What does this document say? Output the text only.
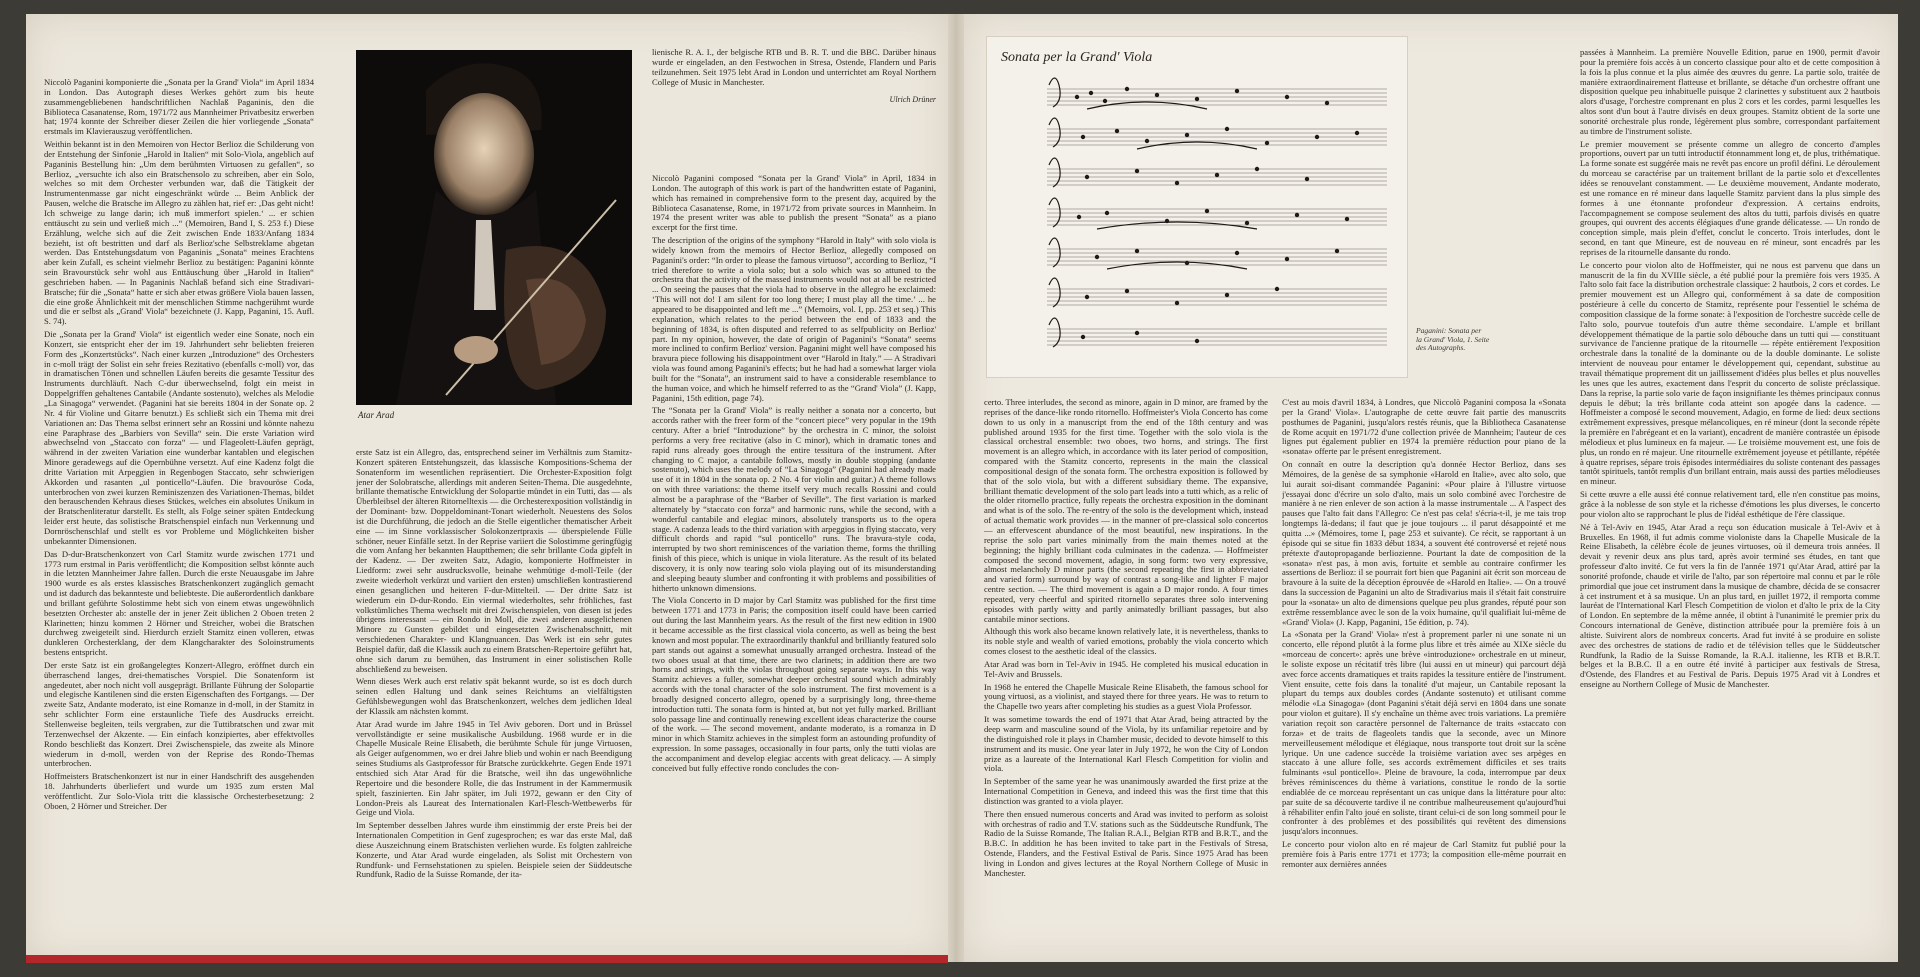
Niccolò Paganini komponierte die „Sonata per la Grand' Viola“ im April 1834 in London. Das Autograph dieses Werkes gehört zum bis heute zusammengebliebenen handschriftlichen Nachlaß Paganinis, den die Biblioteca Casanatense, Rom, 1971/72 aus Mannheimer Privatbesitz erwerben hat; 1974 konnte der Schreiber dieser Zeilen die hier vorliegende „Sonata“ erstmals im Klavierauszug veröffentlichen.

Weithin bekannt ist in den Memoiren von Hector Berlioz die Schilderung von der Entstehung der Sinfonie „Harold in Italien“ mit Solo-Viola, angeblich auf Paganinis Bestellung hin: „Um dem berühmten Virtuosen zu gefallen“, so Berlioz, „versuchte ich also ein Bratschensolo zu schreiben, aber ein Solo, welches so mit dem Orchester verbunden war, daß die Tätigkeit der Instrumentenmasse gar nicht eingeschränkt würde ... Beim Anblick der Pausen, welche die Bratsche im Allegro zu zählen hat, rief er: ‚Das geht nicht! Ich schweige zu lange darin; ich muß immerfort spielen.‘ ... er schien enttäuscht zu sein und verließ mich ...“ (Memoiren, Band I, S. 253 f.) Diese Erzählung, welche sich auf die Zeit zwischen Ende 1833/Anfang 1834 bezieht, ist oft bestritten und darf als Berlioz'sche Selbstreklame abgetan werden. Das Entstehungsdatum von Paganinis „Sonata“ meines Erachtens aber kein Zufall, es scheint vielmehr Berlioz zu bestätigen: Paganini könnte sein Bravourstück sehr wohl aus Enttäuschung über „Harold in Italien“ geschrieben haben. — In Paganinis Nachlaß befand sich eine Stradivari-Bratsche; für die „Sonata“ hatte er sich aber etwas größere Viola bauen lassen, die eine große Ähnlichkeit mit der menschlichen Stimme nachgerühmt wurde und die er selbst als „Grand' Viola“ bezeichnete (J. Kapp, Paganini, 15. Aufl. S. 74).

Die „Sonata per la Grand' Viola“ ist eigentlich weder eine Sonate, noch ein Konzert, sie entspricht eher der im 19. Jahrhundert sehr beliebten freieren Form des „Konzertstücks“. Nach einer kurzen „Introduzione“ des Orchesters in c-moll trägt der Solist ein sehr freies Rezitativo (ebenfalls c-moll) vor, das in dramatischen Tönen und schnellen Läufen bereits die gesamte Tessitur des Instruments durchläuft. Nach C-dur überwechselnd, folgt ein meist in Doppelgriffen gehaltenes Cantabile (Andante sostenuto), welches als Melodie „La Sinagoga“ verwendet. (Paganini hat sie bereits 1804 in der Sonate op. 2 Nr. 4 für Violine und Gitarre benutzt.) Es schließt sich ein Thema mit drei Variationen an: Das Thema selbst erinnert sehr an Rossini und könnte nahezu eine Paraphrase des „Barbiers von Sevilla“ sein. Die erste Variation wird abwechselnd von „Staccato con forza“ — und Flageolett-Läufen geprägt, während in der zweiten Variation eine wunderbar kantablen und elegischen Minore geradewegs auf die Opernbühne versetzt. Auf eine Kadenz folgt die dritte Variation mit Arpeggien in Regenbogen Staccato, sehr schwierigen Akkorden und rasanten „ul ponticello“-Läufen. Die bravouröse Coda, unterbrochen von zwei kurzen Reminiszenzen des Variationen-Themas, bildet den berauschenden Kehraus dieses Stückes, welches ein absolutes Unikum in der Bratschenliteratur darstellt. Es stellt, als Folge seiner späten Entdeckung leider erst heute, das solistische Bratschenspiel einfach nun Verkennung und Dornröschenschlaf und stellt es vor Probleme und Möglichkeiten bisher unbekannter Dimensionen.

Das D-dur-Bratschenkonzert von Carl Stamitz wurde zwischen 1771 und 1773 rum erstmal in Paris veröffentlicht; die Komposition selbst könnte auch in die letzten Mannheimer Jahre fallen. Durch die erste Neuausgabe im Jahre 1900 wurde es als erstes klassisches Bratschenkonzert zugänglich gemacht und ist dadurch das bekannteste und beliebteste. Die außerordentlich dankbare und brillant geführte Solostimme hebt sich von einem etwas ungewöhnlich besetzten Orchester ab: anstelle der in jener Zeit üblichen 2 Oboen treten 2 Klarinetten; hinzu kommen 2 Hörner und Streicher, wobei die Bratschen durchweg zweigeteilt sind. Hierdurch erzielt Stamitz einen volleren, etwas dunkleren Orchesterklang, der dem Klangcharakter des Soloinstruments bestens entspricht.

Der erste Satz ist ein großangelegtes Konzert-Allegro, eröffnet durch ein überraschend langes, drei-thematisches Vorspiel. Die Sonatenform ist angedeutet, aber noch nicht voll ausgeprägt. Brillante Führung der Solopartie und elegische Kantilenen sind die ersten Eigenschaften des Fortgangs. — Der zweite Satz, Andante moderato, ist eine Romanze in d-moll, in der Stamitz in sehr schlichter Form eine erstaunliche Tiefe des Ausdrucks erreicht. Stellenweise begleiten, teils vergraben, zur die Tuttibratschen und zwar mit Terzenwechsel der Akzente. — Ein einfach konzipiertes, aber effektvolles Rondo beschließt das Konzert. Drei Zwischenspiele, das zweite als Minore wiederum in d-moll, werden von der Reprise des Rondo-Themas unterbrochen.

Hoffmeisters Bratschenkonzert ist nur in einer Handschrift des ausgehenden 18. Jahrhunderts überliefert und wurde um 1935 zum ersten Mal veröffentlicht. Zur Solo-Viola tritt die klassische Orchesterbesetzung: 2 Oboen, 2 Hörner und Streicher. Der

Atar Arad

erste Satz ist ein Allegro, das, entsprechend seiner im Verhältnis zum Stamitz-Konzert späteren Entstehungszeit, das klassische Kompositions-Schema der Sonatenform im wesentlichen repräsentiert. Die Orchester-Exposition folgt jener der Solobratsche, allerdings mit anderen Seiten-Thema. Die ausgedehnte, brillante thematische Entwicklung der Solopartie mündet in ein Tutti, das — als Überbleibsel der älteren Ritornelltexis — die Orchesterexposition vollständig in der Dominant- bzw. Doppeldominant-Tonart wiederholt. Neuestens des Solos ist die Durchführung, die jedoch an die Stelle eigentlicher thematischer Arbeit eine — im Sinne vorklassischer Solokonzertpraxis — überspielende Fülle schöner, neuer Einfälle setzt. In der Reprise variiert die Solostimme geringfügig die vom Anfang her bekannten Hauptthemen; die sehr brillante Coda gipfelt in der Kadenz. — Der zweiten Satz, Adagio, komponierte Hoffmeister in Liedform: zwei sehr ausdrucksvolle, beinahe wehmütige d-moll-Teile (der zweite wiederholt verkürzt und variiert den ersten) umschließen kontrastierend einen gesanglichen und heiteren F-dur-Mittelteil. — Der dritte Satz ist wiederum ein D-dur-Rondo. Ein viermal wiederholtes, sehr fröhliches, fast volkstümliches Thema wechselt mit drei Zwischenspielen, von diesen ist jedes übrigens interessant — ein Rondo in Moll, die zwei anderen ausgelichenen Minore zu Gunsten gebildet und eingesetzten Zwischenabschnitt, mit verschiedenen Charakter- und Klangnuancen. Das Werk ist ein sehr gutes Beispiel dafür, daß die Klassik auch zu einem Bratschen-Repertoire geführt hat, ohne sich darum zu bemühen, das Instrument in einer solistischen Rolle abschließend zu beweisen.

Wenn dieses Werk auch erst relativ spät bekannt wurde, so ist es doch durch seinen edlen Haltung und dank seines Reichtums an vielfältigsten Gefühlsbewegungen wohl das Bratschenkonzert, welches dem jedlichen Ideal der Klassik am nächsten kommt.

Atar Arad wurde im Jahre 1945 in Tel Aviv geboren. Dort und in Brüssel vervollständigte er seine musikalische Ausbildung. 1968 wurde er in die Chapelle Musicale Reine Elisabeth, die berühmte Schule für junge Virtuosen, als Geiger aufgenommen, wo er drei Jahre blieb und wohin er nach Beendigung seines Studiums als Gastprofessor für Bratsche zurückkehrte. Gegen Ende 1971 entschied sich Atar Arad für die Bratsche, weil ihn das ungewöhnliche Repertoire und die besondere Rolle, die das Instrument in der Kammermusik spielt, faszinierten. Ein Jahr später, im Juli 1972, gewann er den City of London-Preis als Laureat des Internationalen Karl-Flesch-Wettbewerbs für Geige und Viola.

Im September desselben Jahres wurde ihm einstimmig der erste Preis bei der Internationalen Competition in Genf zugesprochen; es war das erste Mal, daß diese Auszeichnung einem Bratschisten verliehen wurde. Es folgten zahlreiche Konzerte, und Atar Arad wurde eingeladen, als Solist mit Orchestern von Rundfunk- und Fernsehstationen zu spielen. Beispiele seien der Süddeutsche Rundfunk, Radio de la Suisse Romande, der ita-

lienische R. A. I., der belgische RTB und B. R. T. und die BBC. Darüber hinaus wurde er eingeladen, an den Festwochen in Stresa, Ostende, Flandern und Paris teilzunehmen. Seit 1975 lebt Arad in London und unterrichtet am Royal Northern College of Music in Manchester.

Ulrich Drüner

Niccolò Paganini composed “Sonata per la Grand' Viola” in April, 1834 in London. The autograph of this work is part of the handwritten estate of Paganini, which has remained in comprehensive form to the present day, acquired by the Biblioteca Casanatense, Rome, in 1971/72 from private sources in Mannheim. In 1974 the present writer was able to publish the present “Sonata” as a piano excerpt for the first time.

The description of the origins of the symphony “Harold in Italy” with solo viola is widely known from the memoirs of Hector Berlioz, allegedly composed on Paganini's order: “In order to please the famous virtuoso”, according to Berlioz, “I tried therefore to write a viola solo; but a solo which was so attuned to the orchestra that the activity of the massed instruments would not at all be restricted ... On seeing the pauses that the viola had to observe in the allegro he exclaimed: ‘This will not do! I am silent for too long there; I must play all the time.’ ... he appeared to be disappointed and left me ...” (Memoirs, vol. I, pp. 253 et seq.) This explanation, which relates to the period between the end of 1833 and the beginning of 1834, is often disputed and referred to as selfpublicity on Berlioz' part. In my opinion, however, the date of origin of Paganini's “Sonata” seems more inclined to confirm Berlioz' version. Paganini might well have composed his bravura piece following his disappointment over “Harold in Italy.” — A Stradivari viola was found among Paganini's effects; but he had had a somewhat larger viola built for the “Sonata”, an instrument said to have a considerable resemblance to the human voice, and which he himself referred to as the “Grand' Viola” (J. Kapp, Paganini, 15th edition, page 74).

The “Sonata per la Grand' Viola” is really neither a sonata nor a concerto, but accords rather with the freer form of the “concert piece” very popular in the 19th century. After a brief “Introduzione” by the orchestra in C minor, the soloist performs a very free recitative (also in C minor), which in dramatic tones and rapid runs already goes through the entire tessitura of the instrument. After changing to C major, a cantabile follows, mostly in double stopping (andante sostenuto), which uses the melody of “La Sinagoga” (Paganini had already made use of it in 1804 in the sonata op. 2 No. 4 for violin and guitar.) A theme follows on with three variations: the theme itself very much recalls Rossini and could almost be a paraphrase of the “Barber of Seville”. The first variation is marked alternately by “staccato con forza” and harmonic runs, while the second, with a wonderful cantabile and elegiac minors, absolutely transports us to the opera stage. A cadenza leads to the third variation with arpeggios in flying staccato, very difficult chords and rapid “sul ponticello” runs. The bravura-style coda, interrupted by two short reminiscences of the variation theme, forms the thrilling finish of this piece, which is unique in viola literature. As the result of its belated discovery, it is only now tearing solo viola playing out of its misunderstanding and sleeping beauty slumber and confronting it with problems and possibilities of hitherto unknown dimensions.

The Viola Concerto in D major by Carl Stamitz was published for the first time between 1771 and 1773 in Paris; the composition itself could have been carried out during the last Mannheim years. As the result of the first new edition in 1900 it became accessible as the first classical viola concerto, as well as being the best known and most popular. The extraordinarily thankful and brilliantly featured solo part stands out against a somewhat unusually arranged orchestra. Instead of the two oboes usual at that time, there are two clarinets; in addition there are two horns and strings, with the violas throughout going separate ways. In this way Stamitz achieves a fuller, somewhat deeper orchestral sound which admirably accords with the tonal character of the solo instrument. The first movement is a broadly designed concerto allegro, opened by a surprisingly long, three-theme introduction tutti. The sonata form is hinted at, but not yet fully marked. Brilliant solo passage line and continually renewing excellent ideas characterize the course of the work. — The second movement, andante moderato, is a romanza in D minor in which Stamitz achieves in the simplest form an astounding profundity of expression. In some passages, occasionally in four parts, only the tutti violas are the accompaniment and develop elegiac accents with great delicacy. — A simply conceived but fully effective rondo concludes the con-

Sonata per la Grand' Viola
Paganini: Sonata per
la Grand' Viola, 1. Seite
des Autographs.

certo. Three interludes, the second as minore, again in D minor, are framed by the reprises of the dance-like rondo ritornello. Hoffmeister's Viola Concerto has come down to us only in a manuscript from the end of the 18th century and was published around 1935 for the first time. Together with the solo viola is the classical orchestral ensemble: two oboes, two horns, and strings. The first movement is an allegro which, in accordance with its later period of composition, compared with the Stamitz concerto, represents in the main the classical compositional design of the sonata form. The orchestra exposition is followed by that of the solo viola, but with a different subsidiary theme. The expansive, brilliant thematic development of the solo part leads into a tutti which, as a relic of the older ritornello practice, fully repeats the orchestra exposition in the dominant and what is of the solo. The re-entry of the solo is the development which, instead of actual thematic work provides — in the manner of pre-classical solo concertos — an effervescent abundance of the most beautiful, new inspirations. In the reprise the solo part varies minimally from the main themes noted at the beginning; the highly brilliant coda culminates in the cadenza. — Hoffmeister composed the second movement, adagio, in song form: two very expressive, almost melancholy D minor parts (the second repeating the first in abbreviated and varied form) surround by way of contrast a song-like and lighter F major centre section. — The third movement is again a D major rondo. A four times repeated, very cheerful and spirited ritornello separates three solo intervening episodes with partly witty and partly animatedly brilliant passages, but also cantabile minor sections.

Although this work also became known relatively late, it is nevertheless, thanks to its noble style and wealth of varied emotions, probably the viola concerto which comes closest to the aesthetic ideal of the classics.

Atar Arad was born in Tel-Aviv in 1945. He completed his musical education in Tel-Aviv and Brussels.

In 1968 he entered the Chapelle Musicale Reine Elisabeth, the famous school for young virtuosi, as a violinist, and stayed there for three years. He was to return to the Chapelle two years after completing his studies as a guest Viola Professor.

It was sometime towards the end of 1971 that Atar Arad, being attracted by the deep warm and masculine sound of the Viola, by its unfamiliar repetoire and by the distinguished role it plays in Chamber music, decided to devote himself to this instrument and its music. One year later in July 1972, he won the City of London prize as a laureate of the International Karl Flesch Competition for violin and viola.

In September of the same year he was unanimously awarded the first prize at the International Competition in Geneva, and indeed this was the first time that this distinction was granted to a viola player.

There then ensued numerous concerts and Arad was invited to perform as soloist with orchestras of radio and T.V. stations such as the Süddeutsche Rundfunk, The Radio de la Suisse Romande, The Italian R.A.I., Belgian RTB and B.R.T., and the B.B.C. In addition he has been invited to take part in the Festivals of Stresa, Ostende, Flanders, and the Festival Estival de Paris. Since 1975 Arad has been living in London and gives lectures at the Royal Northern College of Music in Manchester.

C'est au mois d'avril 1834, à Londres, que Niccolò Paganini composa la «Sonata per la Grand' Viola». L'autographe de cette œuvre fait partie des manuscrits posthumes de Paganini, jusqu'alors restés réunis, que la Bibliotheca Casanatense de Rome acquit en 1971/72 d'une collection privée de Mannheim; l'auteur de ces lignes put également publier en 1974 la première réduction pour piano de la «sonata» offerte par le présent enregistrement.

On connaît en outre la description qu'a donnée Hector Berlioz, dans ses Mémoires, de la genèse de sa symphonie «Harold en Italie», avec alto solo, que lui aurait soi-disant commandée Paganini: «Pour plaire à l'illustre virtuose j'essayai donc d'écrire un solo d'alto, mais un solo combiné avec l'orchestre de manière à ne rien enlever de son action à la masse instrumentale ... A l'aspect des pauses que l'alto fait dans l'Allegro: Ce n'est pas cela! s'écria-t-il, je me tais trop longtemps là-dedans; il faut que je joue toujours ... il parut désappointé et me quitta ...» (Mémoires, tome I, page 253 et suivante). Ce récit, se rapportant à un épisode qui se situe fin 1833 début 1834, a souvent été controversé et rejeté nous prétexte d'autopropagande berliozienne. Pourtant la date de composition de la «sonata» n'est pas, à mon avis, fortuite et semble au contraire confirmer les assertions de Berlioz: il se pourrait fort bien que Paganini ait écrit son morceau de bravoure à la suite de la déception éprouvée de «Harold en Italie». — On a trouvé dans la succession de Paganini un alto de Stradivarius mais il s'était fait construire pour la «sonata» un alto de dimensions quelque peu plus grandes, réputé pour son extrême ressemblance avec le son de la voix humaine, qu'il qualifiait lui-même de «Grand' Viola» (J. Kapp, Paganini, 15e édition, p. 74).

La «Sonata per la Grand' Viola» n'est à proprement parler ni une sonate ni un concerto, elle répond plutôt à la forme plus libre et très aimée au XIXe siècle du «morceau de concert»: après une brève «introduzione» orchestrale en ut mineur, le soliste expose un récitatif très libre (lui aussi en ut mineur) qui parcourt déjà avec force accents dramatiques et traits rapides la tessiture entière de l'instrument. Vient ensuite, cette fois dans la tonalité d'ut majeur, un Cantabile reposant la plupart du temps aux doubles cordes (Andante sostenuto) et utilisant comme mélodie «La Sinagoga» (dont Paganini s'était déjà servi en 1804 dans une sonate pour violon et guitare). Il s'y enchaîne un thème avec trois variations. La première variation reçoit son caractère personnel de l'alternance de traits «staccato con forza» et de traits de flageolets tandis que la seconde, avec un Minore merveilleusement mélodique et élégiaque, nous transporte tout droit sur la scène lyrique. Un une cadence succède la troisième variation avec ses arpèges en staccato à une allure folle, ses accords extrêmement difficiles et ses traits fulminants «sul ponticello». Pleine de bravoure, la coda, interrompue par deux brèves réminiscences du thème à variations, constitue le rondo de la sortie endiablée de ce morceau représentant un cas unique dans la littérature pour alto: par suite de sa découverte tardive il ne contribue malheureusement qu'aujourd'hui à réhabiliter enfin l'alto joué en soliste, tirant celui-ci de son long sommeil pour le confronter à des problèmes et des possibilités qui revêtent des dimensions jusqu'alors inconnues.

Le concerto pour violon alto en ré majeur de Carl Stamitz fut publié pour la première fois à Paris entre 1771 et 1773; la composition elle-même pourrait en remonter aux dernières années

passées à Mannheim. La première Nouvelle Edition, parue en 1900, permit d'avoir pour la première fois accès à un concerto classique pour alto et de cette composition à la fois la plus connue et la plus aimée des œuvres du genre. La partie solo, traitée de manière extraordinairement flatteuse et brillante, se détache d'un orchestre offrant une disposition quelque peu inhabituelle puisque 2 clarinettes y substituent aux 2 hautbois alors d'usage, l'orchestre comprenant en plus 2 cors et les cordes, parmi lesquelles les altos sont d'un bout à l'autre divisés en deux groupes. Stamitz obtient de la sorte une sonorité orchestrale plus ronde, légèrement plus sombre, correspondant parfaitement au timbre de l'instrument soliste.

Le premier mouvement se présente comme un allegro de concerto d'amples proportions, ouvert par un tutti introductif étonnamment long et, de plus, trithématique. La forme sonate est suggérée mais ne revêt pas encore un profil défini. Le déroulement du morceau se caractérise par un traitement brillant de la partie solo et d'excellentes idées se renouvelant constamment. — Le deuxième mouvement, Andante moderato, est une romance en ré mineur dans laquelle Stamitz parvient dans la plus simple des formes à une étonnante profondeur d'expression. A certains endroits, l'accompagnement se compose seulement des altos du tutti, parfois divisés en quatre groupes, qui ouvrent des accents élégiaques d'une grande délicatesse. — Un rondo de conception simple, mais plein d'effet, conclut le concerto. Trois interludes, dont le second, en tant que Mineure, est de nouveau en ré mineur, sont encadrés par les reprises de la ritournelle dansante du rondo.

Le concerto pour violon alto de Hoffmeister, qui ne nous est parvenu que dans un manuscrit de la fin du XVIIIe siècle, a été publié pour la première fois vers 1935. A l'alto solo fait face la distribution orchestrale classique: 2 hautbois, 2 cors et cordes. Le premier mouvement est un Allegro qui, conformément à sa date de composition postérieure à celle du concerto de Stamitz, représente pour l'essentiel le schéma de composition classique de la forme sonate: à l'exposition de l'orchestre succède celle de l'alto solo, pourvue toutefois d'un autre thème secondaire. L'ample et brillant développement thématique de la partie solo débouche dans un tutti qui — constituant survivance de l'ancienne pratique de la ritournelle — répète entièrement l'exposition orchestrale dans la tonalité de la dominante ou de la double dominante. Le soliste intervient de nouveau pour entamer le développement qui, cependant, substitue au travail thématique proprement dit un jaillissement d'idées plus belles et plus nouvelles les unes que les autres, exactement dans l'esprit du concerto de soliste préclassique. Dans la reprise, la partie solo varie de façon insignifiante les thèmes principaux connus depuis le début; la très brillante coda atteint son apogée dans la cadence. — Hoffmeister a composé le second mouvement, Adagio, en forme de lied: deux sections extrêmement expressives, presque mélancoliques, en ré mineur (dont la seconde répète la première en l'abrégeant et en la variant), encadrent de manière contrastée un épisode mélodieux et plus lumineux en fa majeur. — Le troisième mouvement est, une fois de plus, un rondo en ré majeur. Une ritournelle extrêmement joyeuse et pétillante, répétée à quatre reprises, sépare trois épisodes intermédiaires du soliste contenant des passages tantôt spirituels, tantôt remplis d'un brillant entrain, mais aussi des parties mélodieuses en mineur.

Si cette œuvre a elle aussi été connue relativement tard, elle n'en constitue pas moins, grâce à la noblesse de son style et la richesse d'émotions les plus diverses, le concerto pour violon alto se rapprochant le plus de l'idéal esthétique de l'ère classique.

Né à Tel-Aviv en 1945, Atar Arad a reçu son éducation musicale à Tel-Aviv et à Bruxelles. En 1968, il fut admis comme violoniste dans la Chapelle Musicale de la Reine Elisabeth, la célèbre école de jeunes virtuoses, où il demeura trois années. Il devait y revenir deux ans plus tard, après avoir terminé ses études, en tant que professeur d'alto invité. Ce fut vers la fin de l'année 1971 qu'Atar Arad, attiré par la sonorité profonde, chaude et virile de l'alto, par son répertoire mal connu et par le rôle primordial que joue cet instrument dans la musique de chambre, décida de se consacrer à cet instrument et à sa musique. Un an plus tard, en juillet 1972, il remporta comme lauréat de l'International Karl Flesch Competition de violon et d'alto le prix de la City of London. En septembre de la même année, il obtint à l'unanimité le premier prix du Concours international de Genève, distinction attribuée pour la première fois à un altiste. Suivirent alors de nombreux concerts. Arad fut invité à se produire en soliste avec des orchestres de stations de radio et de télévision telles que le Süddeutscher Rundfunk, la Radio de la Suisse Romande, la R.A.I. italienne, les RTB et B.R.T. belges et la B.B.C. Il a en outre été invité à participer aux festivals de Stresa, d'Ostende, des Flandres et au Festival de Paris. Depuis 1975 Arad vit à Londres et enseigne au Northern College of Music de Manchester.
